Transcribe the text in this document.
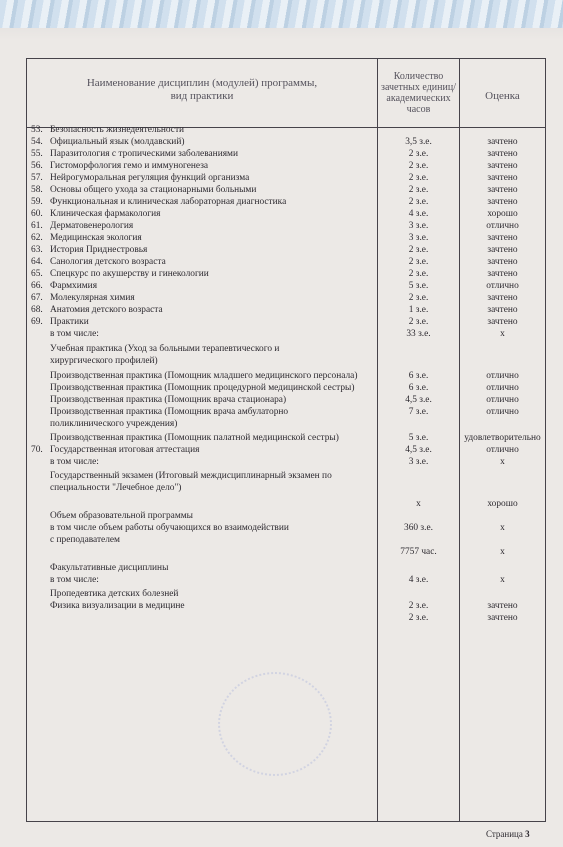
Наименование дисциплин (модулей) программы,
вид практики
Количество зачетных единиц/ академических часов
Оценка
53. Безопасность жизнедеятельности
54. Официальный язык (молдавский)	3,5 з.е.	зачтено
55. Паразитология с тропическими заболеваниями	2 з.е.	зачтено
56. Гистоморфология гемо и иммуногенеза	2 з.е.	зачтено
57. Нейрогуморальная регуляция функций организма	2 з.е.	зачтено
58. Основы общего ухода за стационарными больными	2 з.е.	зачтено
59. Функциональная и клиническая лабораторная диагностика	2 з.е.	зачтено
60. Клиническая фармакология	4 з.е.	хорошо
61. Дерматовенерология	3 з.е.	отлично
62. Медицинская экология	3 з.е.	зачтено
63. История Приднестровья	2 з.е.	зачтено
64. Санология детского возраста	2 з.е.	зачтено
65. Спецкурс по акушерству и гинекологии	2 з.е.	зачтено
66. Фармхимия	5 з.е.	отлично
67. Молекулярная химия	2 з.е.	зачтено
68. Анатомия детского возраста	1 з.е.	зачтено
69. Практики	2 з.е.	зачтено
в том числе:	33 з.е.	x
Учебная практика (Уход за больными терапевтического и
хирургического профилей)
Производственная практика (Помощник младшего медицинского персонала)	6 з.е.	отлично
Производственная практика (Помощник процедурной медицинской сестры)	6 з.е.	отлично
Производственная практика (Помощник врача стационара)	4,5 з.е.	отлично
Производственная практика (Помощник врача амбулаторно	7 з.е.	отлично
поликлинического учреждения)
Производственная практика (Помощник палатной медицинской сестры)	5 з.е.	удовлетворительно
70. Государственная итоговая аттестация	4,5 з.е.	отлично
в том числе:	3 з.е.	x
Государственный экзамен (Итоговый междисциплинарный экзамен по
специальности "Лечебное дело")
x	хорошо
Объем образовательной программы
в том числе объем работы обучающихся во взаимодействии	360 з.е.	x
с преподавателем
7757 час.	x
Факультативные дисциплины
в том числе:	4 з.е.	x
Пропедевтика детских болезней
Физика визуализации в медицине	2 з.е.	зачтено
2 з.е.	зачтено
Страница 3
